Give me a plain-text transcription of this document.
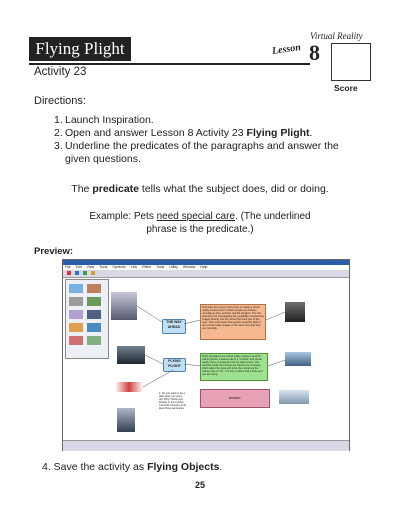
Flying Plight
Virtual Reality
Lesson 8
Score
Activity 23
Directions:
1. Launch Inspiration.
2. Open and answer Lesson 8 Activity 23 Flying Plight.
3. Underline the predicates of the paragraphs and answer the given questions.
The predicate tells what the subject does, did or doing.
Example: Pets need special care. (The underlined
phrase is the predicate.)
Preview:
File Edit View Tools Symbols Link Effect Tools Utility Window Help
THE WAY AHEAD
FLYING PLIGHT
Scientists are trying to find ways to create a virtual reality environment in which people can behave normally as they would in real life situation. The US scientists are investigating the possibility of accessing images directly into the retina (the back part of the eye). This could mean that people would be able to see virtual reality images in the same way that they see normally.
Flight simulators are virtual reality systems used for training pilots. A trainee sits in a "cockpit" and virtual reality scene is projected into its wide screen. The controls inside the cockpit are linked to a computer, which alters the view and turns the cockpit as the trainee tries to "fly". It is very realistic that it feels as if you are flying.
Answer:
1. Do you want to be a pilot when you grow up? Why? Write your answer in the symbol. It should compose of at least three sentences.
4. Save the activity as Flying Objects.
25
